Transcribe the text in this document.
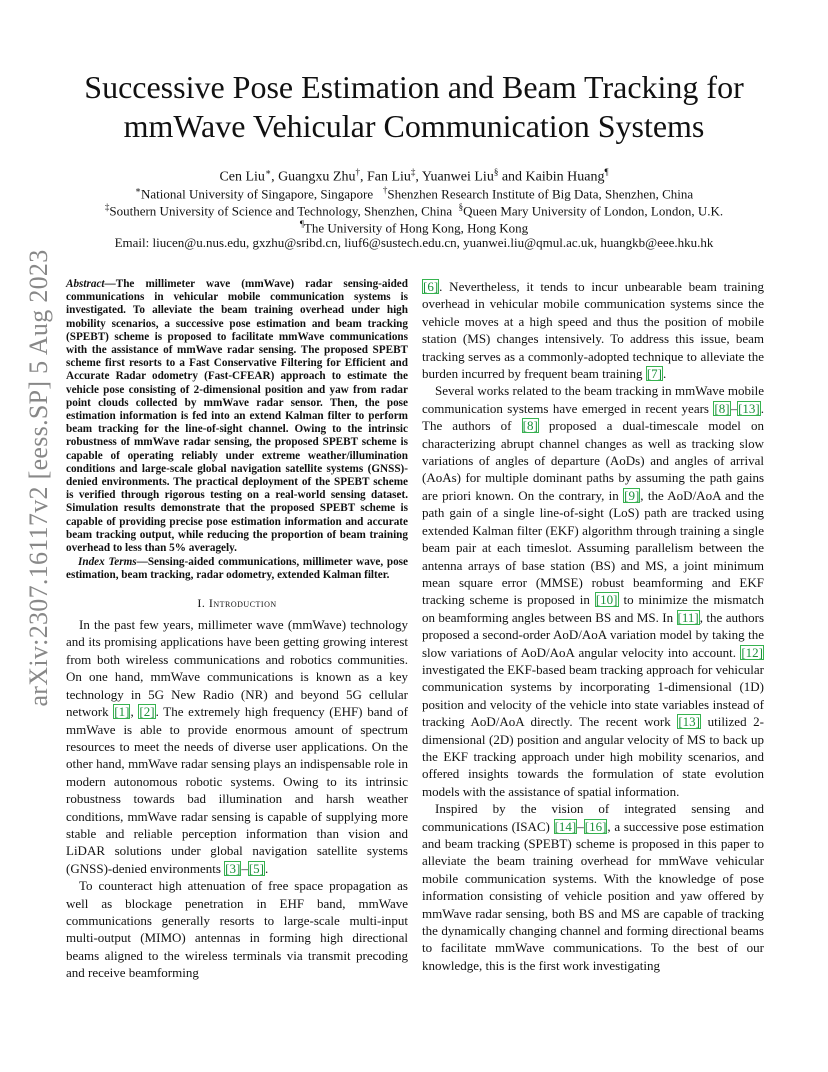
arXiv:2307.16117v2 [eess.SP] 5 Aug 2023
Successive Pose Estimation and Beam Tracking for
mmWave Vehicular Communication Systems
Cen Liu∗, Guangxu Zhu†, Fan Liu‡, Yuanwei Liu§ and Kaibin Huang¶
∗National University of Singapore, Singapore †Shenzhen Research Institute of Big Data, Shenzhen, China
‡Southern University of Science and Technology, Shenzhen, China §Queen Mary University of London, London, U.K.
¶The University of Hong Kong, Hong Kong
Email: liucen@u.nus.edu, gxzhu@sribd.cn, liuf6@sustech.edu.cn, yuanwei.liu@qmul.ac.uk, huangkb@eee.hku.hk

Abstract—The millimeter wave (mmWave) radar sensing-aided communications in vehicular mobile communication systems is investigated. To alleviate the beam training overhead under high mobility scenarios, a successive pose estimation and beam tracking (SPEBT) scheme is proposed to facilitate mmWave communications with the assistance of mmWave radar sensing. The proposed SPEBT scheme first resorts to a Fast Conservative Filtering for Efficient and Accurate Radar odometry (Fast-CFEAR) approach to estimate the vehicle pose consisting of 2-dimensional position and yaw from radar point clouds collected by mmWave radar sensor. Then, the pose estimation information is fed into an extend Kalman filter to perform beam tracking for the line-of-sight channel. Owing to the intrinsic robustness of mmWave radar sensing, the proposed SPEBT scheme is capable of operating reliably under extreme weather/illumination conditions and large-scale global navigation satellite systems (GNSS)-denied environments. The practical deployment of the SPEBT scheme is verified through rigorous testing on a real-world sensing dataset. Simulation results demonstrate that the proposed SPEBT scheme is capable of providing precise pose estimation information and accurate beam tracking output, while reducing the proportion of beam training overhead to less than 5% averagely.

Index Terms—Sensing-aided communications, millimeter wave, pose estimation, beam tracking, radar odometry, extended Kalman filter.

I. Introduction

In the past few years, millimeter wave (mmWave) technology and its promising applications have been getting growing interest from both wireless communications and robotics communities. On one hand, mmWave communications is known as a key technology in 5G New Radio (NR) and beyond 5G cellular network [1], [2]. The extremely high frequency (EHF) band of mmWave is able to provide enormous amount of spectrum resources to meet the needs of diverse user applications. On the other hand, mmWave radar sensing plays an indispensable role in modern autonomous robotic systems. Owing to its intrinsic robustness towards bad illumination and harsh weather conditions, mmWave radar sensing is capable of supplying more stable and reliable perception information than vision and LiDAR solutions under global navigation satellite systems (GNSS)-denied environments [3]–[5].

To counteract high attenuation of free space propagation as well as blockage penetration in EHF band, mmWave communications generally resorts to large-scale multi-input multi-output (MIMO) antennas in forming high directional beams aligned to the wireless terminals via transmit precoding and receive beamforming

[6]. Nevertheless, it tends to incur unbearable beam training overhead in vehicular mobile communication systems since the vehicle moves at a high speed and thus the position of mobile station (MS) changes intensively. To address this issue, beam tracking serves as a commonly-adopted technique to alleviate the burden incurred by frequent beam training [7].

Several works related to the beam tracking in mmWave mobile communication systems have emerged in recent years [8]–[13]. The authors of [8] proposed a dual-timescale model on characterizing abrupt channel changes as well as tracking slow variations of angles of departure (AoDs) and angles of arrival (AoAs) for multiple dominant paths by assuming the path gains are priori known. On the contrary, in [9], the AoD/AoA and the path gain of a single line-of-sight (LoS) path are tracked using extended Kalman filter (EKF) algorithm through training a single beam pair at each timeslot. Assuming parallelism between the antenna arrays of base station (BS) and MS, a joint minimum mean square error (MMSE) robust beamforming and EKF tracking scheme is proposed in [10] to minimize the mismatch on beamforming angles between BS and MS. In [11], the authors proposed a second-order AoD/AoA variation model by taking the slow variations of AoD/AoA angular velocity into account. [12] investigated the EKF-based beam tracking approach for vehicular communication systems by incorporating 1-dimensional (1D) position and velocity of the vehicle into state variables instead of tracking AoD/AoA directly. The recent work [13] utilized 2-dimensional (2D) position and angular velocity of MS to back up the EKF tracking approach under high mobility scenarios, and offered insights towards the formulation of state evolution models with the assistance of spatial information.

Inspired by the vision of integrated sensing and communications (ISAC) [14]–[16], a successive pose estimation and beam tracking (SPEBT) scheme is proposed in this paper to alleviate the beam training overhead for mmWave vehicular mobile communication systems. With the knowledge of pose information consisting of vehicle position and yaw offered by mmWave radar sensing, both BS and MS are capable of tracking the dynamically changing channel and forming directional beams to facilitate mmWave communications. To the best of our knowledge, this is the first work investigating
